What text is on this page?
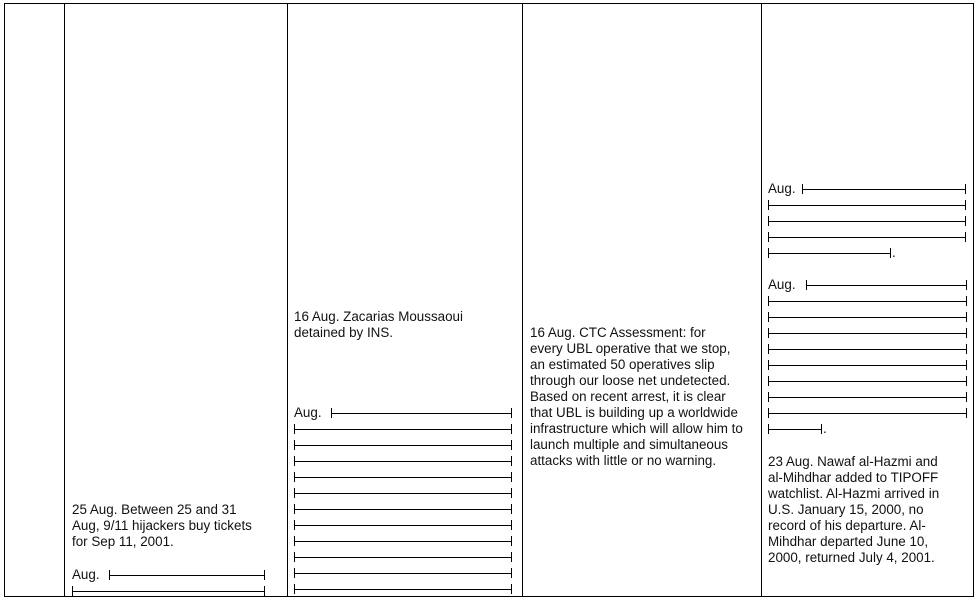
25 Aug. Between 25 and 31
Aug, 9/11 hijackers buy tickets
for Sep 11, 2001.
Aug.
16 Aug. Zacarias Moussaoui
detained by INS.
Aug.
16 Aug. CTC Assessment: for
every UBL operative that we stop,
an estimated 50 operatives slip
through our loose net undetected.
Based on recent arrest, it is clear
that UBL is building up a worldwide
infrastructure which will allow him to
launch multiple and simultaneous
attacks with little or no warning.
Aug.
.
Aug.
.
23 Aug. Nawaf al-Hazmi and
al-Mihdhar added to TIPOFF
watchlist. Al-Hazmi arrived in
U.S. January 15, 2000, no
record of his departure. Al-
Mihdhar departed June 10,
2000, returned July 4, 2001.
